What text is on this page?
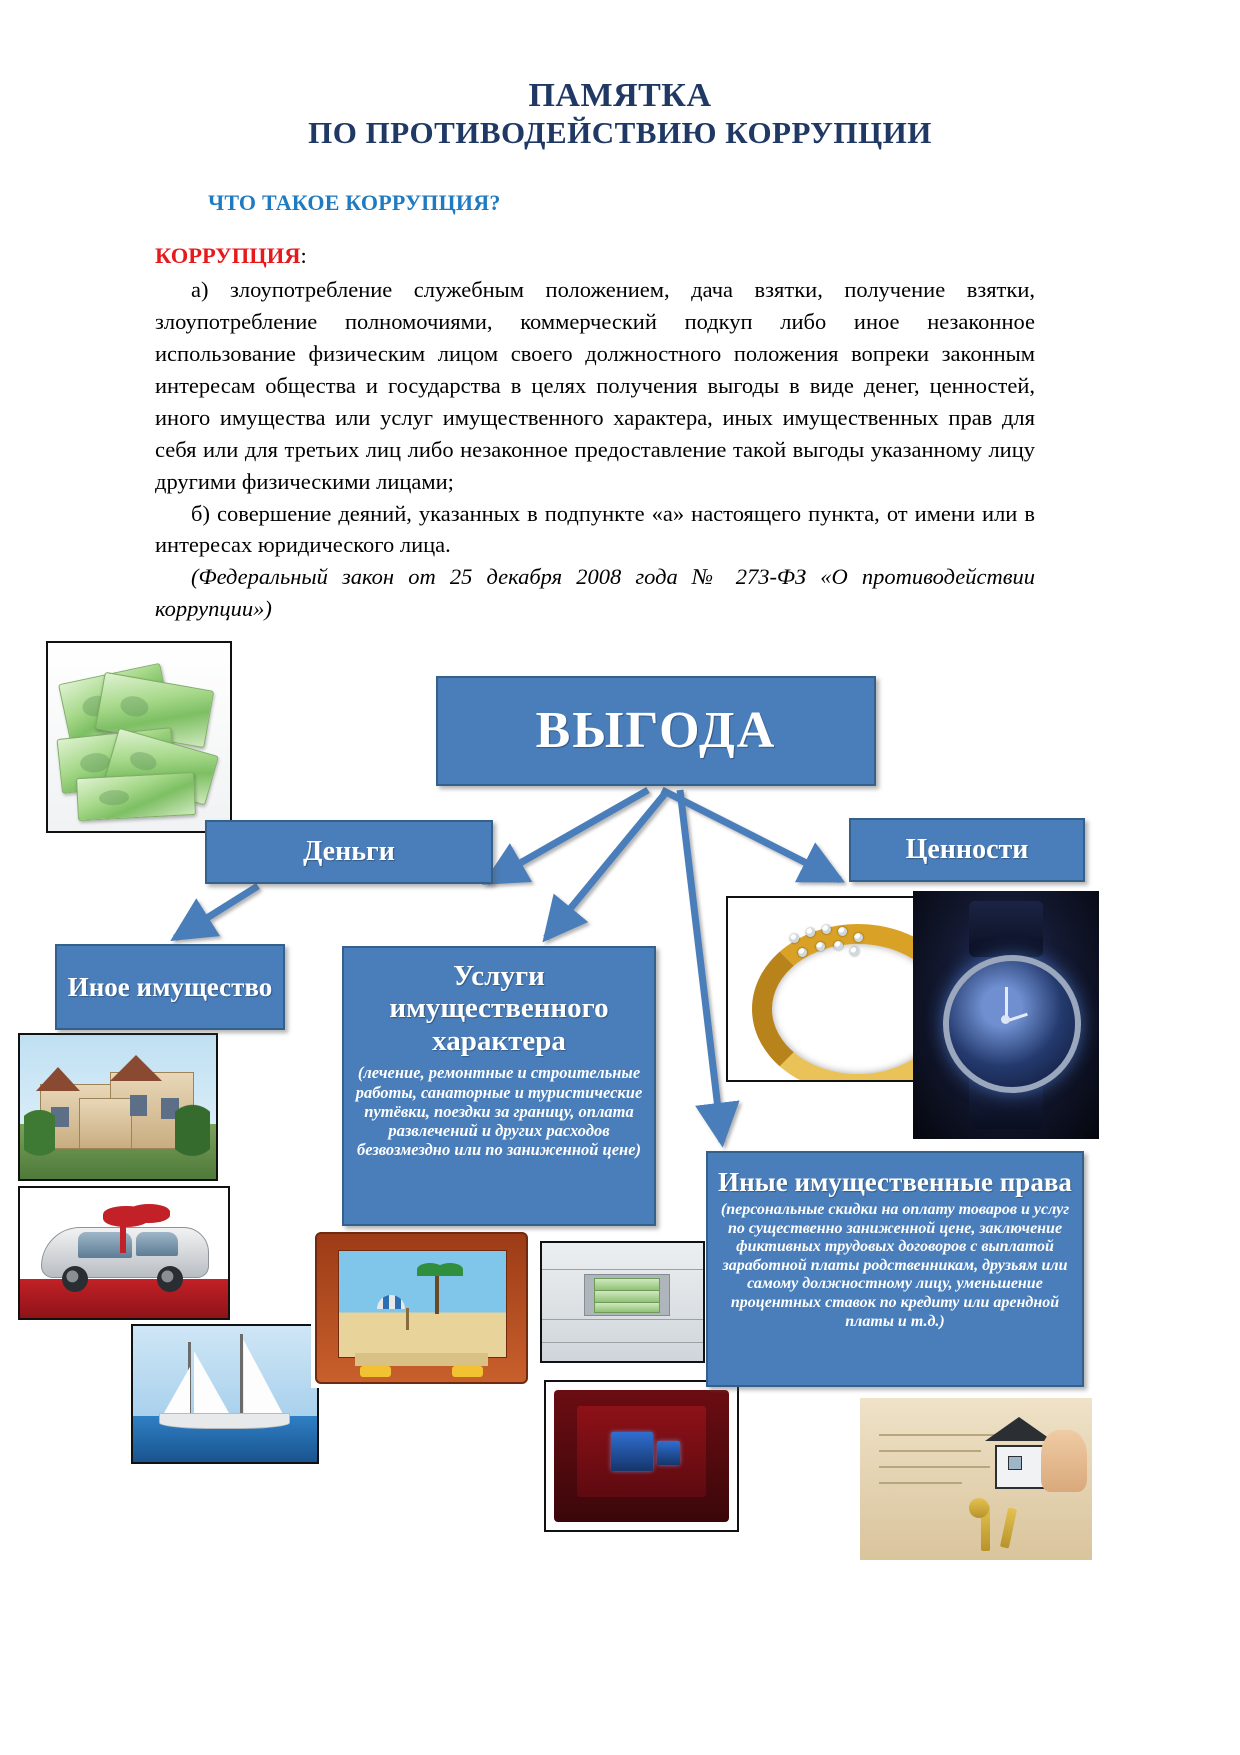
ПАМЯТКА
ПО ПРОТИВОДЕЙСТВИЮ КОРРУПЦИИ
ЧТО ТАКОЕ КОРРУПЦИЯ?

КОРРУПЦИЯ:

а) злоупотребление служебным положением, дача взятки, получение взятки, злоупотребление полномочиями, коммерческий подкуп либо иное незаконное использование физическим лицом своего должностного положения вопреки законным интересам общества и государства в целях получения выгоды в виде денег, ценностей, иного имущества или услуг имущественного характера, иных имущественных прав для себя или для третьих лиц либо незаконное предоставление такой выгоды указанному лицу другими физическими лицами;

б) совершение деяний, указанных в подпункте «а» настоящего пункта, от имени или в интересах юридического лица.

(Федеральный закон от 25 декабря 2008 года № 273-ФЗ «О противодействии коррупции»)

ВЫГОДА
Деньги	Ценности
Иное имущество	Услуги имущественного характера
(лечение, ремонтные и строительные работы, санаторные и туристические путёвки, поездки за границу, оплата развлечений и других расходов безвозмездно или по заниженной цене)
Иные имущественные права
(персональные скидки на оплату товаров и услуг по существенно заниженной цене, заключение фиктивных трудовых договоров с выплатой заработной платы родственникам, друзьям или самому должностному лицу, уменьшение процентных ставок по кредиту или арендной платы и т.д.)
